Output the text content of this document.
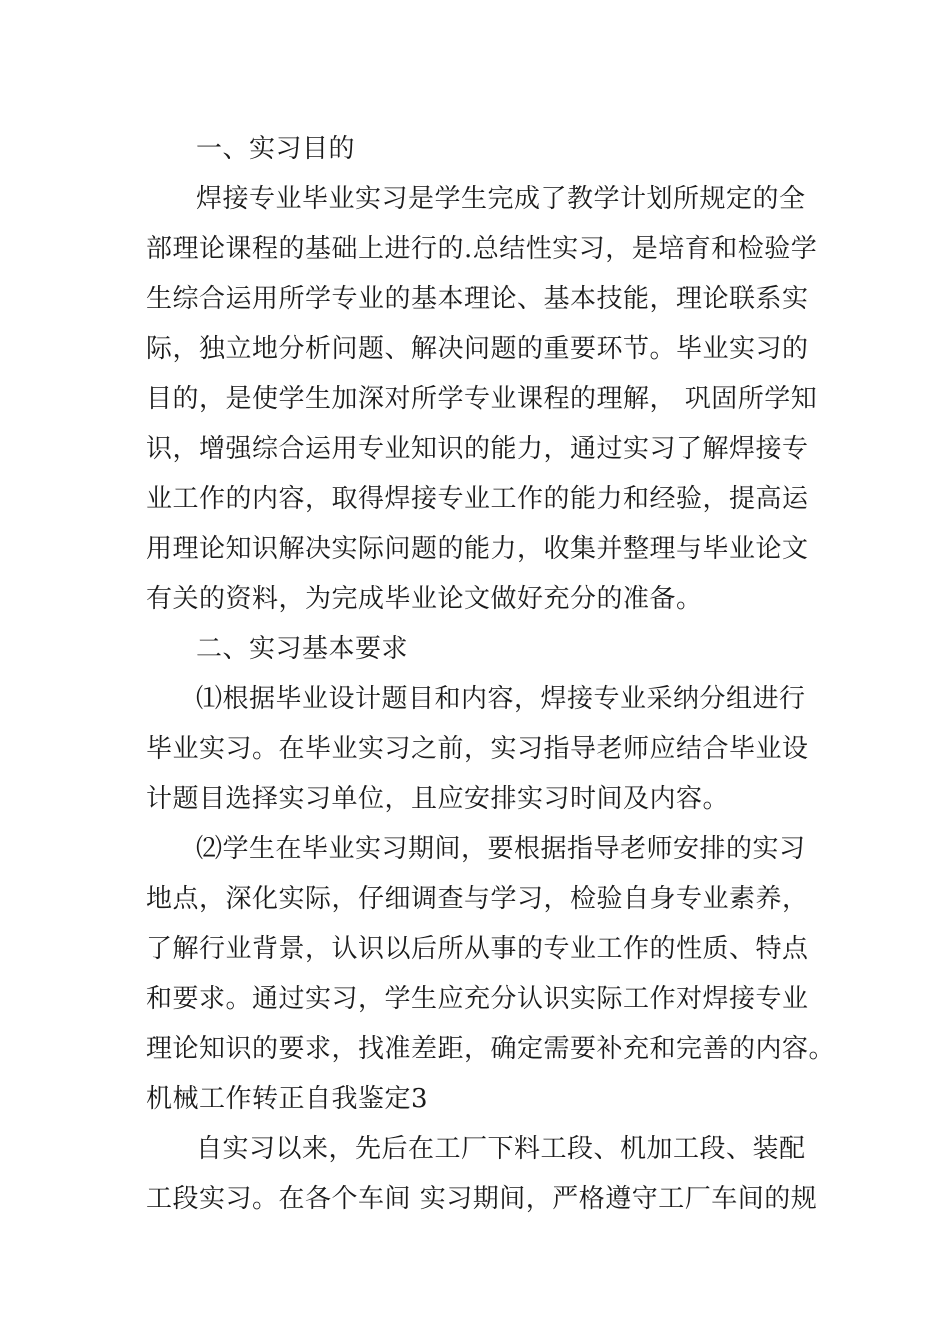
一、实习目的
焊接专业毕业实习是学生完成了教学计划所规定的全
部理论课程的基础上进行的.总结性实习，是培育和检验学
生综合运用所学专业的基本理论、基本技能，理论联系实
际，独立地分析问题、解决问题的重要环节。毕业实习的
目的，是使学生加深对所学专业课程的理解， 巩固所学知
识，增强综合运用专业知识的能力，通过实习了解焊接专
业工作的内容，取得焊接专业工作的能力和经验，提高运
用理论知识解决实际问题的能力，收集并整理与毕业论文
有关的资料，为完成毕业论文做好充分的准备。
二、实习基本要求
⑴根据毕业设计题目和内容，焊接专业采纳分组进行
毕业实习。在毕业实习之前，实习指导老师应结合毕业设
计题目选择实习单位，且应安排实习时间及内容。
⑵学生在毕业实习期间，要根据指导老师安排的实习
地点，深化实际，仔细调查与学习，检验自身专业素养，
了解行业背景，认识以后所从事的专业工作的性质、特点
和要求。通过实习，学生应充分认识实际工作对焊接专业
理论知识的要求，找准差距，确定需要补充和完善的内容。
机械工作转正自我鉴定3
自实习以来，先后在工厂下料工段、机加工段、装配
工段实习。在各个车间 实习期间，严格遵守工厂车间的规
